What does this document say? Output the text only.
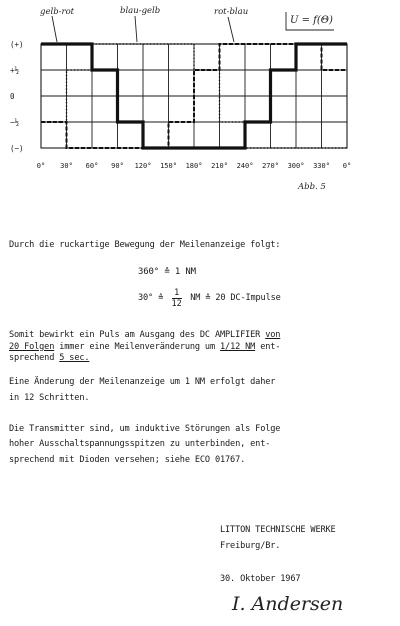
(+)
+½
0
−½
(−)
0° 30° 60° 90° 120° 150° 180° 210° 240° 270° 300° 330° 0°
gelb-rot	blau-gelb	rot-blau
U = f(Θ)
Abb. 5
Durch die ruckartige Bewegung der Meilenanzeige folgt:
360° ≙ 1 NM
30° ≙ $\frac{1}{12}$ NM ≙ 20 DC-Impulse
Somit bewirkt ein Puls am Ausgang des DC AMPLIFIER von
20 Folgen immer eine Meilenveränderung um 1/12 NM ent-
sprechend 5 sec.
Eine Änderung der Meilenanzeige um 1 NM erfolgt daher
in 12 Schritten.
Die Transmitter sind, um induktive Störungen als Folge
hoher Ausschaltspannungsspitzen zu unterbinden, ent-
sprechend mit Dioden versehen; siehe ECO 01767.
LITTON TECHNISCHE WERKE
Freiburg/Br.
30. Oktober 1967
I. Andersen
